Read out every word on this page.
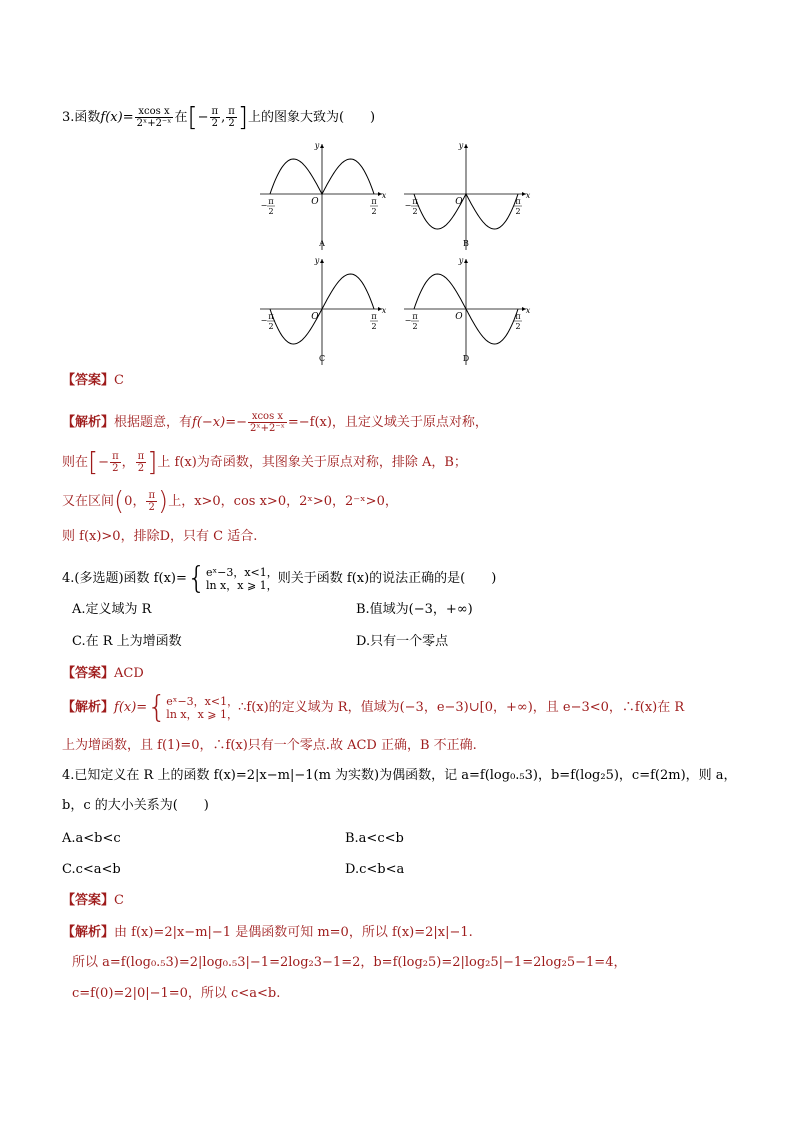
3.函数$f(x)= \frac{\text{xcos x}}{\text{2ˣ+2⁻ˣ}}$ 在[− $\frac{\pi}{2}$ , $\frac{\pi}{2}$ ]上的图象大致为(　　)
x
y
O
− π
2
π
2
A
x
y
O
− π
2
π
2
B
x
y
O
− π
2
π
2
C
x
y
O
− π
2
π
2
D
【答案】C
【解析】根据题意，有$f(-x)=- \frac{\text{xcos x}}{\text{2ˣ+2⁻ˣ}} =-f(x)$，且定义域关于原点对称，
则在[− $\frac{\pi}{2}$ ， $\frac{\pi}{2}$ ]上 f(x)为奇函数，其图象关于原点对称，排除 A，B；
又在区间(0， $\frac{\pi}{2}$ )上，x>0，cos x>0，2ˣ>0，2⁻ˣ>0，
则 f(x)>0，排除D，只有 C 适合.
4.(多选题)函数 f(x)={ eˣ−3，x<1，
ln x，x ⩾ 1， 则关于函数 f(x)的说法正确的是(　　)
A.定义域为 R	B.值域为(−3，+∞)
C.在 R 上为增函数	D.只有一个零点
【答案】ACD
【解析】f(x)={ eˣ−3，x<1，
ln x，x ⩾ 1， ∴f(x)的定义域为 R，值域为(−3，e−3)∪[0，+∞)，且 e−3<0，∴f(x)在 R
上为增函数，且 f(1)=0，∴f(x)只有一个零点.故 ACD 正确，B 不正确.
4.已知定义在 R 上的函数 f(x)=2|x−m|−1(m 为实数)为偶函数，记 a=f(log₀.₅3)，b=f(log₂5)，c=f(2m)，则 a，
b，c 的大小关系为(　　)
A.a<b<c	B.a<c<b
C.c<a<b	D.c<b<a
【答案】C
【解析】由 f(x)=2|x−m|−1 是偶函数可知 m=0，所以 f(x)=2|x|−1.
所以 a=f(log₀.₅3)=2|log₀.₅3|−1=2log₂3−1=2，b=f(log₂5)=2|log₂5|−1=2log₂5−1=4，
c=f(0)=2|0|−1=0，所以 c<a<b.
